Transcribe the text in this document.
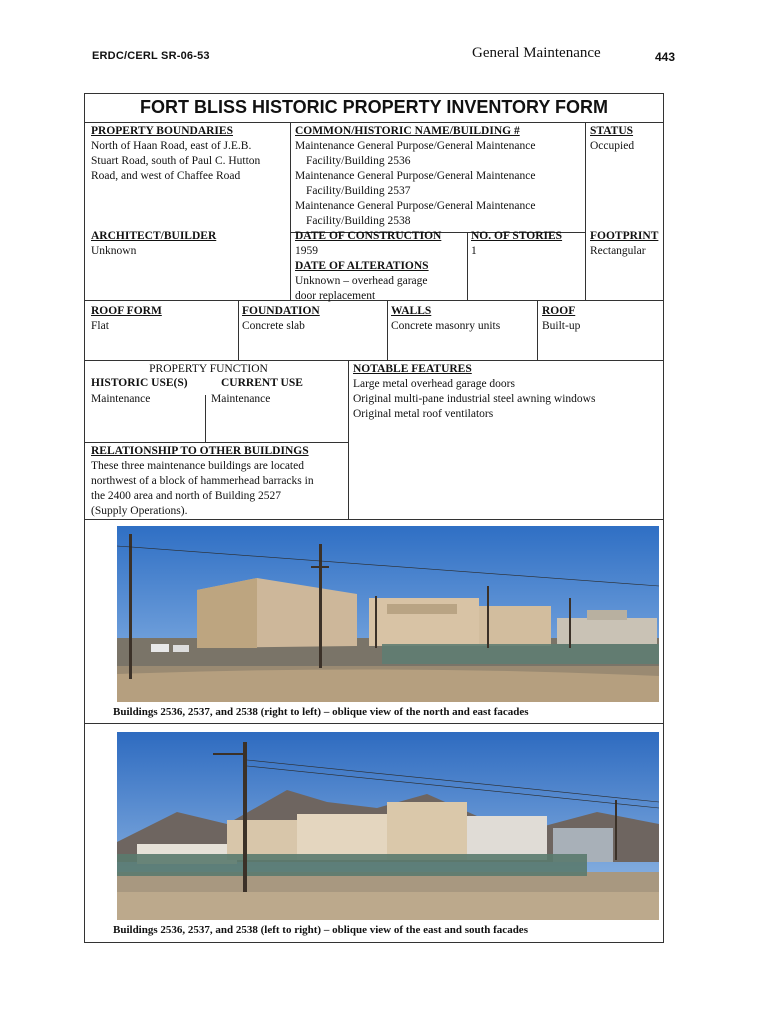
ERDC/CERL SR-06-53	General Maintenance	443
FORT BLISS HISTORIC PROPERTY INVENTORY FORM
PROPERTY BOUNDARIES
North of Haan Road, east of J.E.B.
Stuart Road, south of Paul C. Hutton
Road, and west of Chaffee Road
COMMON/HISTORIC NAME/BUILDING #
Maintenance General Purpose/General Maintenance
Facility/Building 2536
Maintenance General Purpose/General Maintenance
Facility/Building 2537
Maintenance General Purpose/General Maintenance
Facility/Building 2538
STATUS
Occupied
ARCHITECT/BUILDER
Unknown
DATE OF CONSTRUCTION
1959
DATE OF ALTERATIONS
Unknown – overhead garage
door replacement
NO. OF STORIES
1
FOOTPRINT
Rectangular
ROOF FORM
Flat
FOUNDATION
Concrete slab
WALLS
Concrete masonry units
ROOF
Built-up
PROPERTY FUNCTION
HISTORIC USE(S)	CURRENT USE
Maintenance	Maintenance
NOTABLE FEATURES
Large metal overhead garage doors
Original multi-pane industrial steel awning windows
Original metal roof ventilators
RELATIONSHIP TO OTHER BUILDINGS
These three maintenance buildings are located
northwest of a block of hammerhead barracks in
the 2400 area and north of Building 2527
(Supply Operations).
Buildings 2536, 2537, and 2538 (right to left) – oblique view of the north and east facades
Buildings 2536, 2537, and 2538 (left to right) – oblique view of the east and south facades
